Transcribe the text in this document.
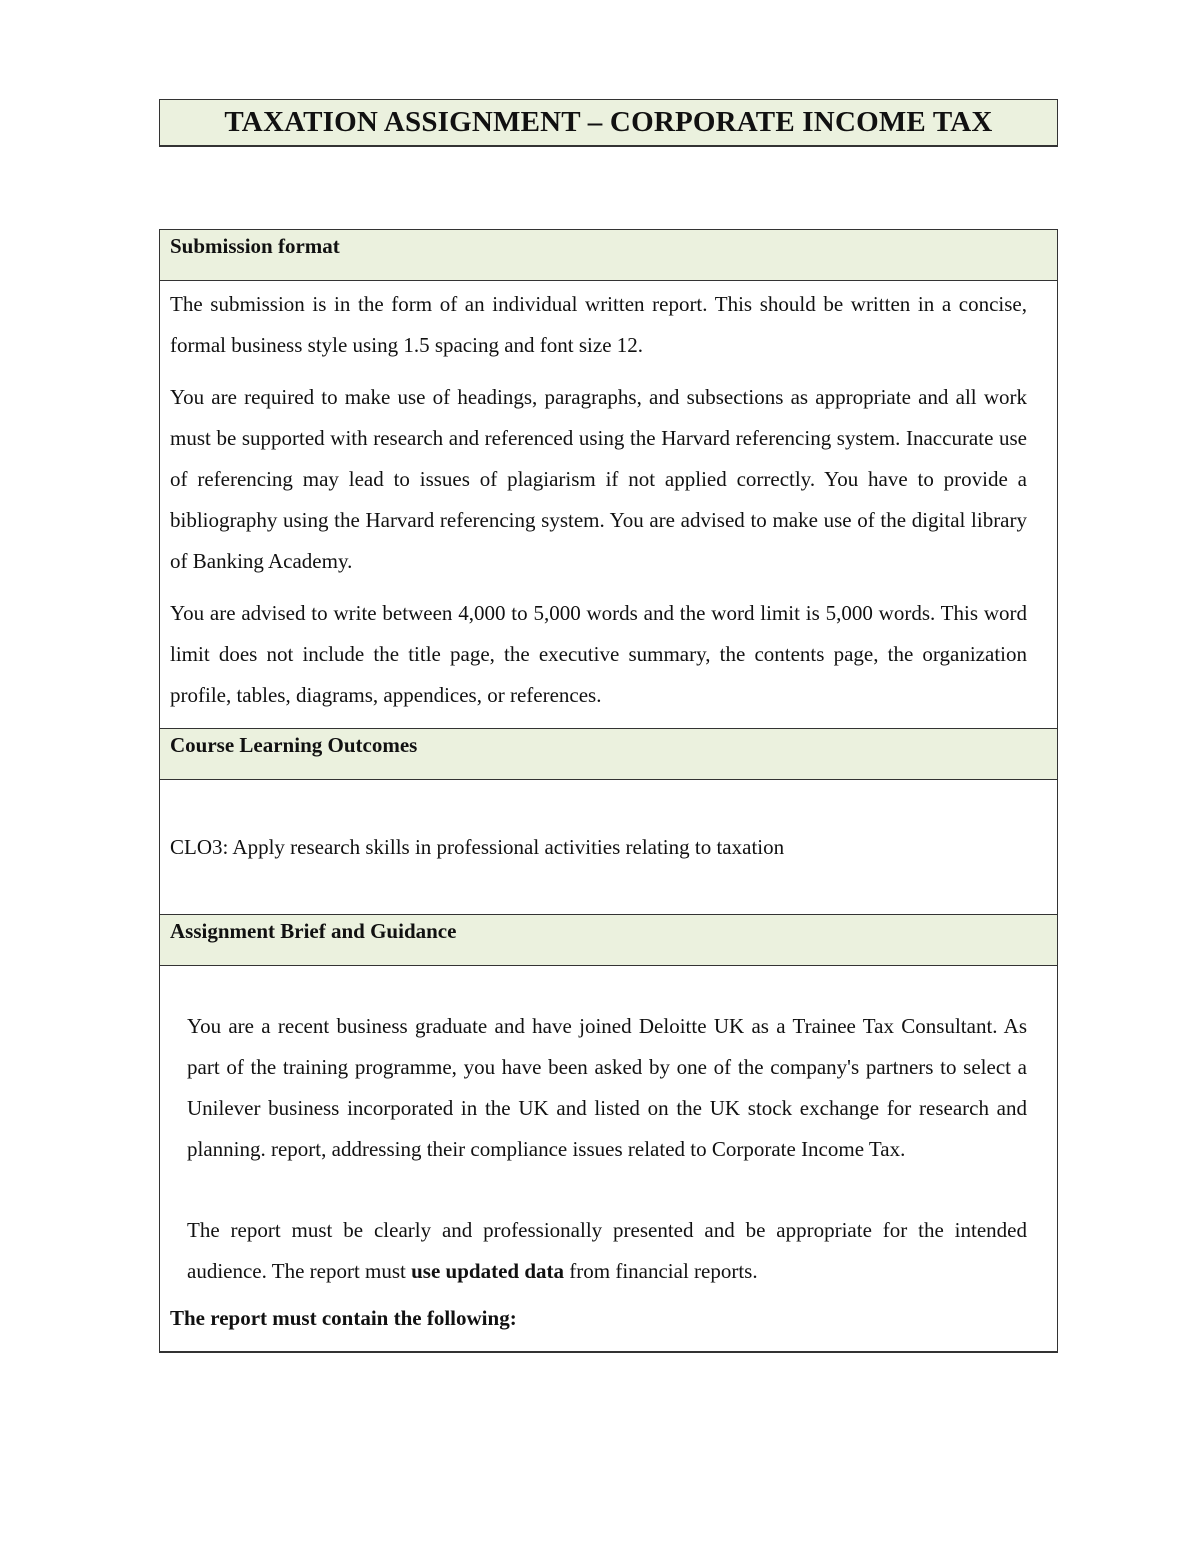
TAXATION ASSIGNMENT – CORPORATE INCOME TAX
Submission format

The submission is in the form of an individual written report. This should be written in a concise, formal business style using 1.5 spacing and font size 12.

You are required to make use of headings, paragraphs, and subsections as appropriate and all work must be supported with research and referenced using the Harvard referencing system. Inaccurate use of referencing may lead to issues of plagiarism if not applied correctly. You have to provide a bibliography using the Harvard referencing system. You are advised to make use of the digital library of Banking Academy.

You are advised to write between 4,000 to 5,000 words and the word limit is 5,000 words. This word limit does not include the title page, the executive summary, the contents page, the organization profile, tables, diagrams, appendices, or references.

Course Learning Outcomes

CLO3: Apply research skills in professional activities relating to taxation

Assignment Brief and Guidance

You are a recent business graduate and have joined Deloitte UK as a Trainee Tax Consultant. As part of the training programme, you have been asked by one of the company's partners to select a Unilever business incorporated in the UK and listed on the UK stock exchange for research and planning. report, addressing their compliance issues related to Corporate Income Tax.

The report must be clearly and professionally presented and be appropriate for the intended audience. The report must use updated data from financial reports.

The report must contain the following:
